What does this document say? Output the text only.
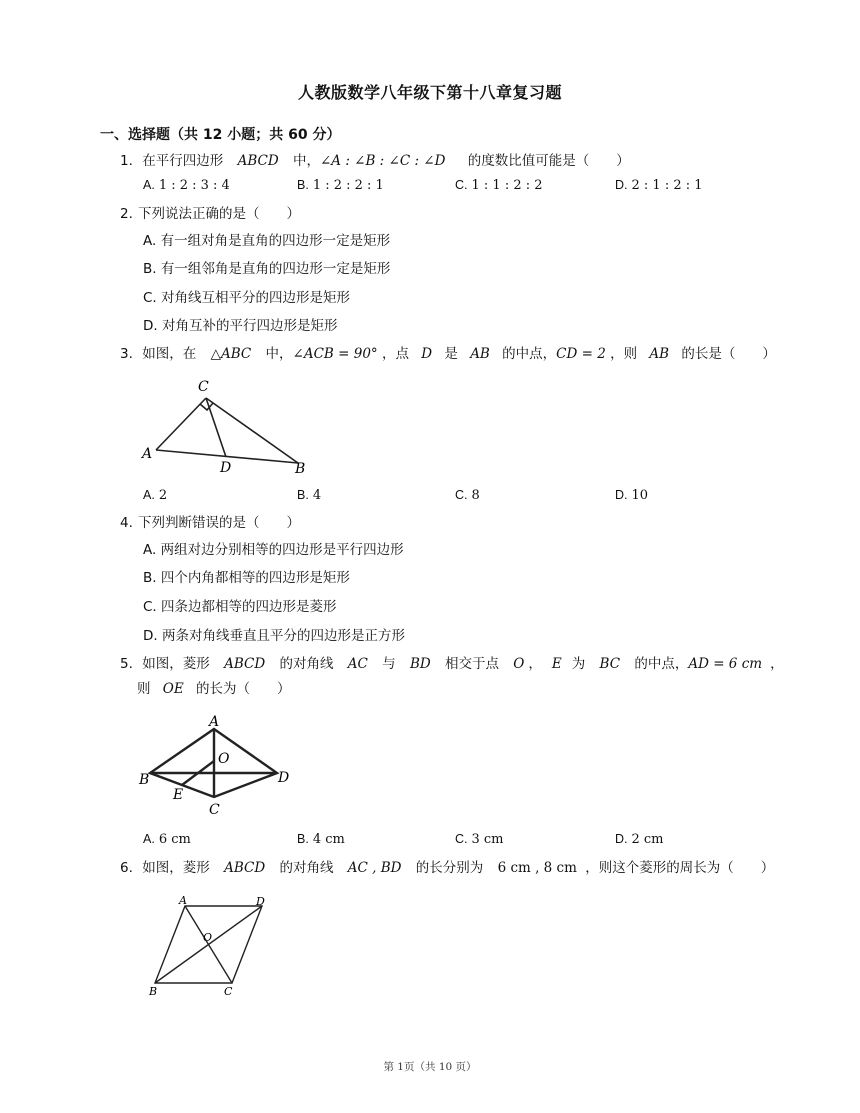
人教版数学八年级下第十八章复习题
一、选择题（共 12 小题；共 60 分）
1. 在平行四边形 ABCD 中，∠A : ∠B : ∠C : ∠D 的度数比值可能是（　　）
A. 1 : 2 : 3 : 4	B. 1 : 2 : 2 : 1	C. 1 : 1 : 2 : 2	D. 2 : 1 : 2 : 1
2. 下列说法正确的是（　　）
A. 有一组对角是直角的四边形一定是矩形
B. 有一组邻角是直角的四边形一定是矩形
C. 对角线互相平分的四边形是矩形
D. 对角互补的平行四边形是矩形
3. 如图，在 △ABC 中，∠ACB = 90° ，点 D 是 AB 的中点，CD = 2 ，则 AB 的长是（　　）
C
A
D	B
A. 2	B. 4	C. 8	D. 10
4. 下列判断错误的是（　　）
A. 两组对边分别相等的四边形是平行四边形
B. 四个内角都相等的四边形是矩形
C. 四条边都相等的四边形是菱形
D. 两条对角线垂直且平分的四边形是正方形
5. 如图，菱形 ABCD 的对角线 AC 与 BD 相交于点 O ， E 为 BC 的中点，AD = 6 cm ，
则 OE 的长为（　　）
A
O
B	D
E
C
A. 6 cm	B. 4 cm	C. 3 cm	D. 2 cm
6. 如图，菱形 ABCD 的对角线 AC , BD 的长分别为 6 cm , 8 cm ，则这个菱形的周长为（　　）
A	D
O
B	C
第 1页（共 10 页）
